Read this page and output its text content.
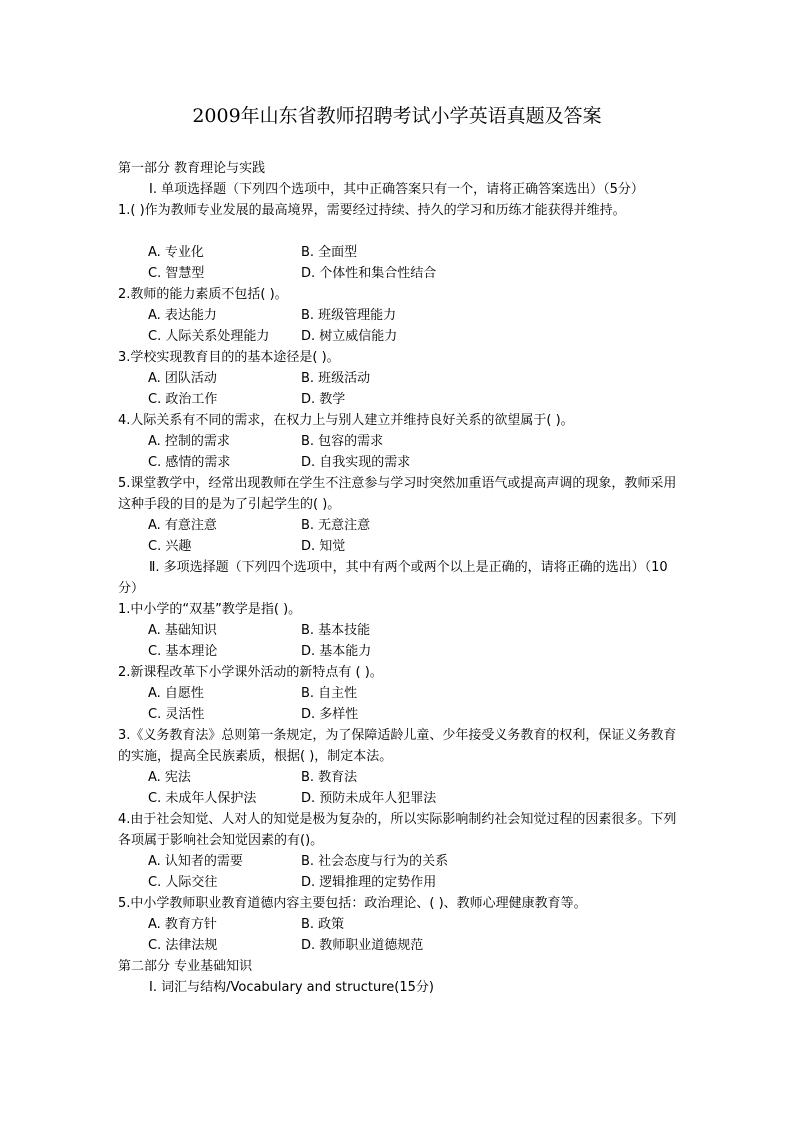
2009年山东省教师招聘考试小学英语真题及答案
第一部分 教育理论与实践
Ⅰ. 单项选择题（下列四个选项中，其中正确答案只有一个，请将正确答案选出）（5分）
1.( )作为教师专业发展的最高境界，需要经过持续、持久的学习和历练才能获得并维持。
A. 专业化	B. 全面型
C. 智慧型	D. 个体性和集合性结合
2.教师的能力素质不包括( )。
A. 表达能力	B. 班级管理能力
C. 人际关系处理能力	D. 树立威信能力
3.学校实现教育目的的基本途径是( )。
A. 团队活动	B. 班级活动
C. 政治工作	D. 教学
4.人际关系有不同的需求，在权力上与别人建立并维持良好关系的欲望属于( )。
A. 控制的需求	B. 包容的需求
C. 感情的需求	D. 自我实现的需求
5.课堂教学中，经常出现教师在学生不注意参与学习时突然加重语气或提高声调的现象，教师采用这种手段的目的是为了引起学生的( )。
A. 有意注意	B. 无意注意
C. 兴趣	D. 知觉
Ⅱ. 多项选择题（下列四个选项中，其中有两个或两个以上是正确的，请将正确的选出）（10分）
1.中小学的“双基”教学是指( )。
A. 基础知识	B. 基本技能
C. 基本理论	D. 基本能力
2.新课程改革下小学课外活动的新特点有 ( )。
A. 自愿性	B. 自主性
C. 灵活性	D. 多样性
3.《义务教育法》总则第一条规定，为了保障适龄儿童、少年接受义务教育的权利，保证义务教育的实施，提高全民族素质，根据( )，制定本法。
A. 宪法	B. 教育法
C. 未成年人保护法	D. 预防未成年人犯罪法
4.由于社会知觉、人对人的知觉是极为复杂的，所以实际影响制约社会知觉过程的因素很多。下列各项属于影响社会知觉因素的有()。
A. 认知者的需要	B. 社会态度与行为的关系
C. 人际交往	D. 逻辑推理的定势作用
5.中小学教师职业教育道德内容主要包括：政治理论、( )、教师心理健康教育等。
A. 教育方针	B. 政策
C. 法律法规	D. 教师职业道德规范
第二部分 专业基础知识
Ⅰ. 词汇与结构/Vocabulary and structure(15分)
